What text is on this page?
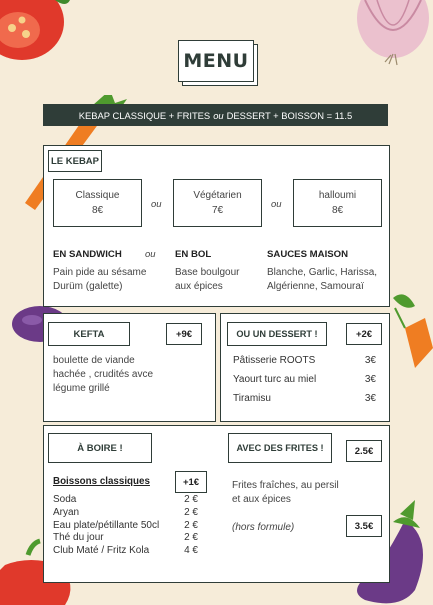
MENU
KEBAP CLASSIQUE + FRITES ou DESSERT + BOISSON = 11.5
LE KEBAP
Classique
8€
ou
Végétarien
7€
ou
halloumi
8€
EN SANDWICH ou
Pain pide au sésame
Durüm (galette)
EN BOL
Base boulgour
aux épices
SAUCES MAISON
Blanche, Garlic, Harissa,
Algérienne, Samouraï
KEFTA	+9€
boulette de viande
hachée , crudités avce
légume grillé
OU UN DESSERT !	+2€
Pâtisserie ROOTS	3€
Yaourt turc au miel	3€
Tiramisu	3€
À BOIRE !
Boissons classiques	+1€
Soda	2 €
Aryan	2 €
Eau plate/pétillante 50cl	2 €
Thé du jour	2 €
Club Maté / Fritz Kola	4 €
AVEC DES FRITES !	2.5€
Frites fraîches, au persil
et aux épices
(hors formule)	3.5€
